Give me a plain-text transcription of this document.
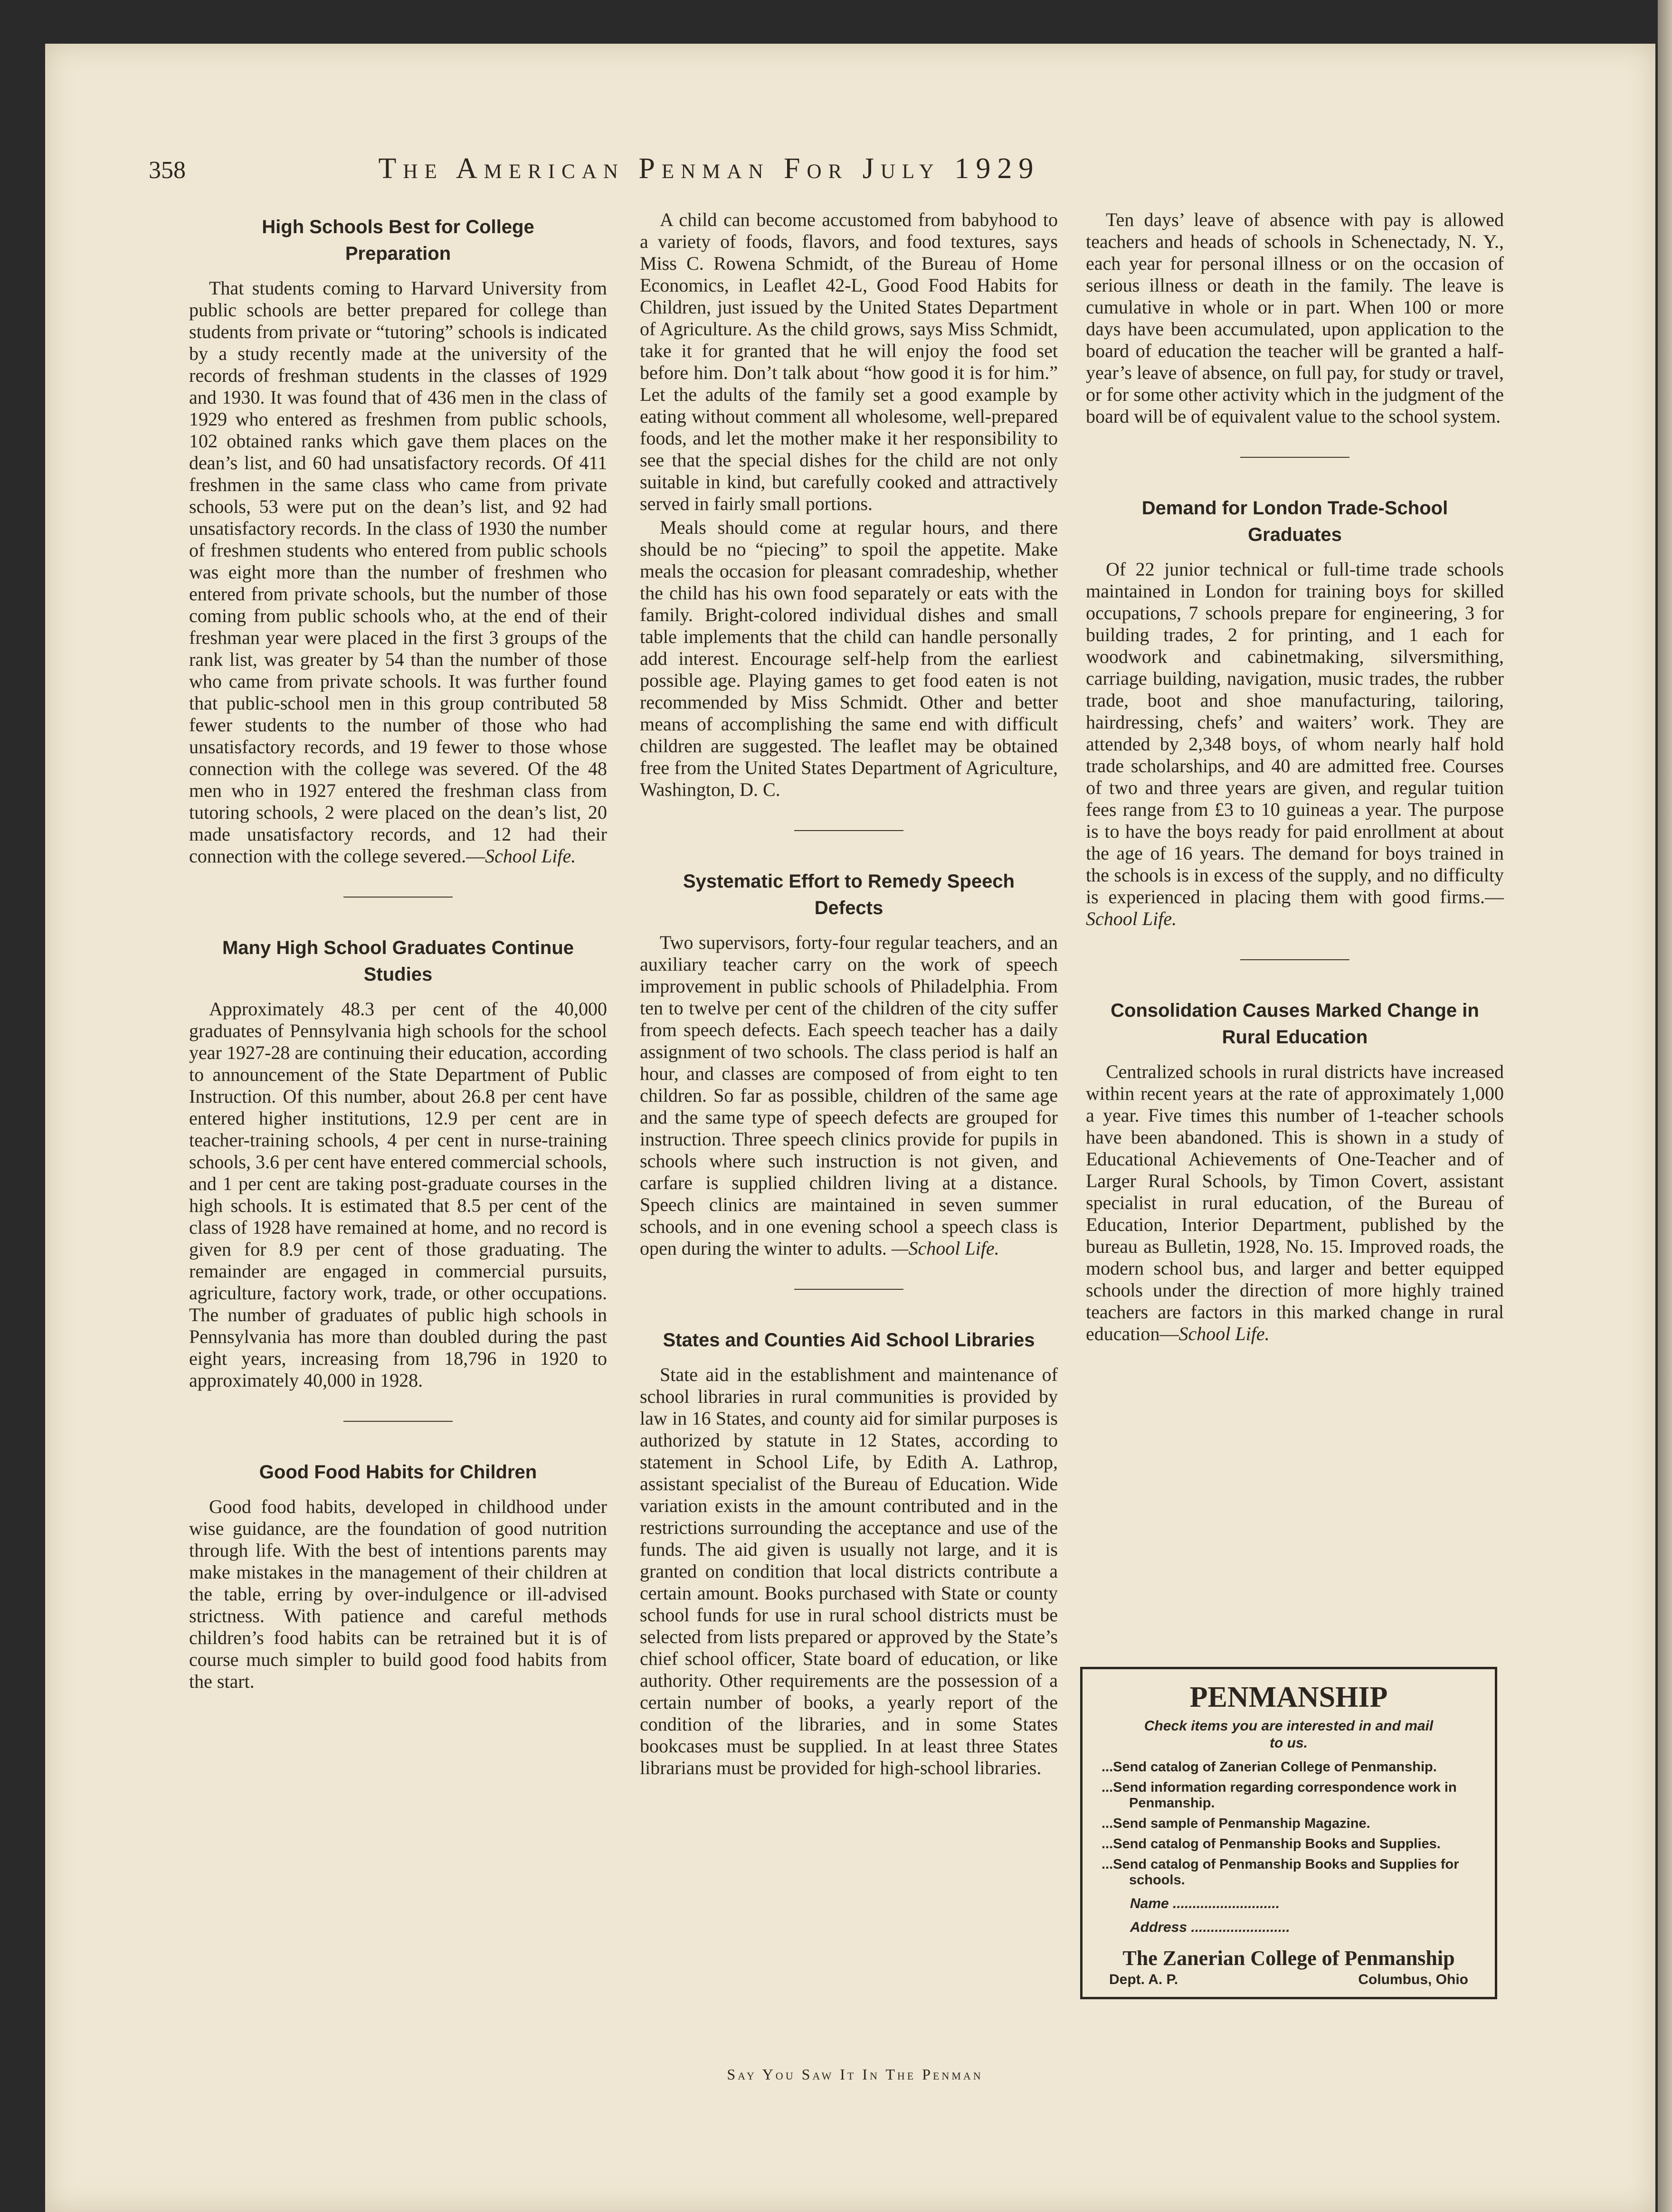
358	The American Penman For July 1929
High Schools Best for College Preparation

That students coming to Harvard University from public schools are better prepared for college than students from private or “tutoring” schools is indicated by a study recently made at the university of the records of freshman students in the classes of 1929 and 1930. It was found that of 436 men in the class of 1929 who entered as freshmen from public schools, 102 obtained ranks which gave them places on the dean’s list, and 60 had unsatisfactory records. Of 411 freshmen in the same class who came from private schools, 53 were put on the dean’s list, and 92 had unsatisfactory records. In the class of 1930 the number of freshmen students who entered from public schools was eight more than the number of freshmen who entered from private schools, but the number of those coming from public schools who, at the end of their freshman year were placed in the first 3 groups of the rank list, was greater by 54 than the number of those who came from private schools. It was further found that public-school men in this group contributed 58 fewer students to the number of those who had unsatisfactory records, and 19 fewer to those whose connection with the college was severed. Of the 48 men who in 1927 entered the freshman class from tutoring schools, 2 were placed on the dean’s list, 20 made unsatisfactory records, and 12 had their connection with the college severed.—School Life.

Many High School Graduates Continue Studies

Approximately 48.3 per cent of the 40,000 graduates of Pennsylvania high schools for the school year 1927-28 are continuing their education, according to announcement of the State Department of Public Instruction. Of this number, about 26.8 per cent have entered higher institutions, 12.9 per cent are in teacher-training schools, 4 per cent in nurse-training schools, 3.6 per cent have entered commercial schools, and 1 per cent are taking post-graduate courses in the high schools. It is estimated that 8.5 per cent of the class of 1928 have remained at home, and no record is given for 8.9 per cent of those graduating. The remainder are engaged in commercial pursuits, agriculture, factory work, trade, or other occupations. The number of graduates of public high schools in Pennsylvania has more than doubled during the past eight years, increasing from 18,796 in 1920 to approximately 40,000 in 1928.

Good Food Habits for Children

Good food habits, developed in childhood under wise guidance, are the foundation of good nutrition through life. With the best of intentions parents may make mistakes in the management of their children at the table, erring by over-indulgence or ill-advised strictness. With patience and careful methods children’s food habits can be retrained but it is of course much simpler to build good food habits from the start.

A child can become accustomed from babyhood to a variety of foods, flavors, and food textures, says Miss C. Rowena Schmidt, of the Bureau of Home Economics, in Leaflet 42-L, Good Food Habits for Children, just issued by the United States Department of Agriculture. As the child grows, says Miss Schmidt, take it for granted that he will enjoy the food set before him. Don’t talk about “how good it is for him.” Let the adults of the family set a good example by eating without comment all wholesome, well-prepared foods, and let the mother make it her responsibility to see that the special dishes for the child are not only suitable in kind, but carefully cooked and attractively served in fairly small portions.

Meals should come at regular hours, and there should be no “piecing” to spoil the appetite. Make meals the occasion for pleasant comradeship, whether the child has his own food separately or eats with the family. Bright-colored individual dishes and small table implements that the child can handle personally add interest. Encourage self-help from the earliest possible age. Playing games to get food eaten is not recommended by Miss Schmidt. Other and better means of accomplishing the same end with difficult children are suggested. The leaflet may be obtained free from the United States Department of Agriculture, Washington, D. C.

Systematic Effort to Remedy Speech Defects

Two supervisors, forty-four regular teachers, and an auxiliary teacher carry on the work of speech improvement in public schools of Philadelphia. From ten to twelve per cent of the children of the city suffer from speech defects. Each speech teacher has a daily assignment of two schools. The class period is half an hour, and classes are composed of from eight to ten children. So far as possible, children of the same age and the same type of speech defects are grouped for instruction. Three speech clinics provide for pupils in schools where such instruction is not given, and carfare is supplied children living at a distance. Speech clinics are maintained in seven summer schools, and in one evening school a speech class is open during the winter to adults. —School Life.

States and Counties Aid School Libraries

State aid in the establishment and maintenance of school libraries in rural communities is provided by law in 16 States, and county aid for similar purposes is authorized by statute in 12 States, according to statement in School Life, by Edith A. Lathrop, assistant specialist of the Bureau of Education. Wide variation exists in the amount contributed and in the restrictions surrounding the acceptance and use of the funds. The aid given is usually not large, and it is granted on condition that local districts contribute a certain amount. Books purchased with State or county school funds for use in rural school districts must be selected from lists prepared or approved by the State’s chief school officer, State board of education, or like authority. Other requirements are the possession of a certain number of books, a yearly report of the condition of the libraries, and in some States bookcases must be supplied. In at least three States librarians must be provided for high-school libraries.

Ten days’ leave of absence with pay is allowed teachers and heads of schools in Schenectady, N. Y., each year for personal illness or on the occasion of serious illness or death in the family. The leave is cumulative in whole or in part. When 100 or more days have been accumulated, upon application to the board of education the teacher will be granted a half-year’s leave of absence, on full pay, for study or travel, or for some other activity which in the judgment of the board will be of equivalent value to the school system.

Demand for London Trade-School Graduates

Of 22 junior technical or full-time trade schools maintained in London for training boys for skilled occupations, 7 schools prepare for engineering, 3 for building trades, 2 for printing, and 1 each for woodwork and cabinetmaking, silversmithing, carriage building, navigation, music trades, the rubber trade, boot and shoe manufacturing, tailoring, hairdressing, chefs’ and waiters’ work. They are attended by 2,348 boys, of whom nearly half hold trade scholarships, and 40 are admitted free. Courses of two and three years are given, and regular tuition fees range from £3 to 10 guineas a year. The purpose is to have the boys ready for paid enrollment at about the age of 16 years. The demand for boys trained in the schools is in excess of the supply, and no difficulty is experienced in placing them with good firms.—School Life.

Consolidation Causes Marked Change in Rural Education

Centralized schools in rural districts have increased within recent years at the rate of approximately 1,000 a year. Five times this number of 1-teacher schools have been abandoned. This is shown in a study of Educational Achievements of One-Teacher and of Larger Rural Schools, by Timon Covert, assistant specialist in rural education, of the Bureau of Education, Interior Department, published by the bureau as Bulletin, 1928, No. 15. Improved roads, the modern school bus, and larger and better equipped schools under the direction of more highly trained teachers are factors in this marked change in rural education—School Life.

PENMANSHIP
Check items you are interested in and mail to us.
...Send catalog of Zanerian College of Penmanship.
...Send information regarding correspondence work in Penmanship.
...Send sample of Penmanship Magazine.
...Send catalog of Penmanship Books and Supplies.
...Send catalog of Penmanship Books and Supplies for schools.
Name ...........................
Address .........................
The Zanerian College of Penmanship
Dept. A. P.	Columbus, Ohio
Say You Saw It In The Penman
